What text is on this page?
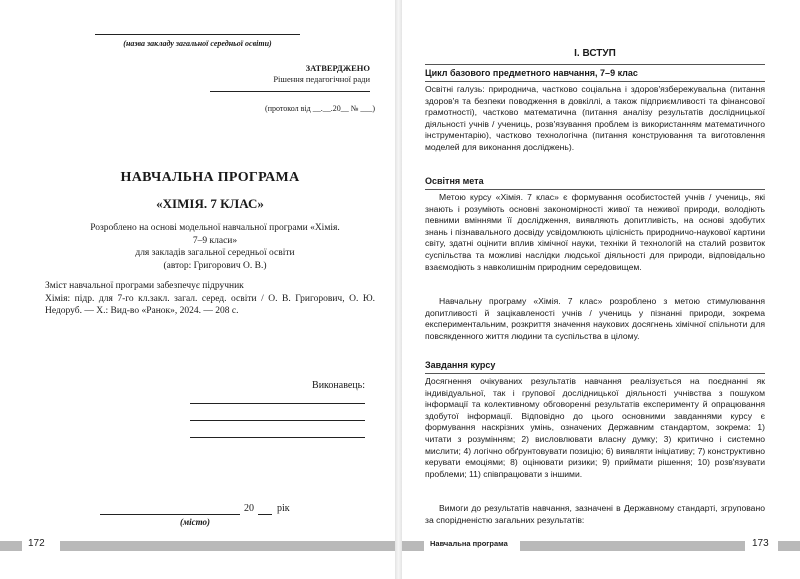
(назва закладу загальної середньої освіти)
ЗАТВЕРДЖЕНО
Рішення педагогічної ради
(протокол від __.__.20__ № ___)
НАВЧАЛЬНА ПРОГРАМА
«ХІМІЯ. 7 КЛАС»
Розроблено на основі модельної навчальної програми «Хімія.
7–9 класи»
для закладів загальної середньої освіти
(автор: Григорович О. В.)
Зміст навчальної програми забезпечує підручник
Хімія: підр. для 7-го кл.закл. загал. серед. освіти / О. В. Григорович, О. Ю. Недоруб. — Х.: Вид-во «Ранок», 2024. — 208 с.
Виконавець:
20 рік
(місто)
172
І. ВСТУП
Цикл базового предметного навчання, 7–9 клас
Освітні галузь: природнича, частково соціальна і здоров'язбережувальна (питання здоров'я та безпеки поводження в довкіллі, а також підприємливості та фінансової грамотності), частково математична (питання аналізу результатів дослідницької діяльності учнів / учениць, розв'язування проблем із використанням математичного інструментарію), частково технологічна (питання конструювання та виготовлення моделей для виконання досліджень).
Освітня мета
Метою курсу «Хімія. 7 клас» є формування особистостей учнів / учениць, які знають і розуміють основні закономірності живої та неживої природи, володіють певними вміннями її дослідження, виявляють допитливість, на основі здобутих знань і пізнавального досвіду усвідомлюють цілісність природничо-наукової картини світу, здатні оцінити вплив хімічної науки, техніки й технологій на сталий розвиток суспільства та можливі наслідки людської діяльності для природи, відповідально взаємодіють з навколишнім природним середовищем.
Навчальну програму «Хімія. 7 клас» розроблено з метою стимулювання допитливості й зацікавленості учнів / учениць у пізнанні природи, зокрема експериментальним, розкриття значення наукових досягнень хімічної спільноти для повсякденного життя людини та суспільства в цілому.
Завдання курсу
Досягнення очікуваних результатів навчання реалізується на поєднанні як індивідуальної, так і групової дослідницької діяльності учнівства з пошуком інформації та колективному обговоренні результатів експерименту й опрацювання здобутої інформації. Відповідно до цього основними завданнями курсу є формування наскрізних умінь, означених Державним стандартом, зокрема: 1) читати з розумінням; 2) висловлювати власну думку; 3) критично і системно мислити; 4) логічно обґрунтовувати позицію; 6) виявляти ініціативу; 7) конструктивно керувати емоціями; 8) оцінювати ризики; 9) приймати рішення; 10) розв'язувати проблеми; 11) співпрацювати з іншими.
Вимоги до результатів навчання, зазначені в Державному стандарті, згруповано за спорідненістю загальних результатів:
Навчальна програма	173
